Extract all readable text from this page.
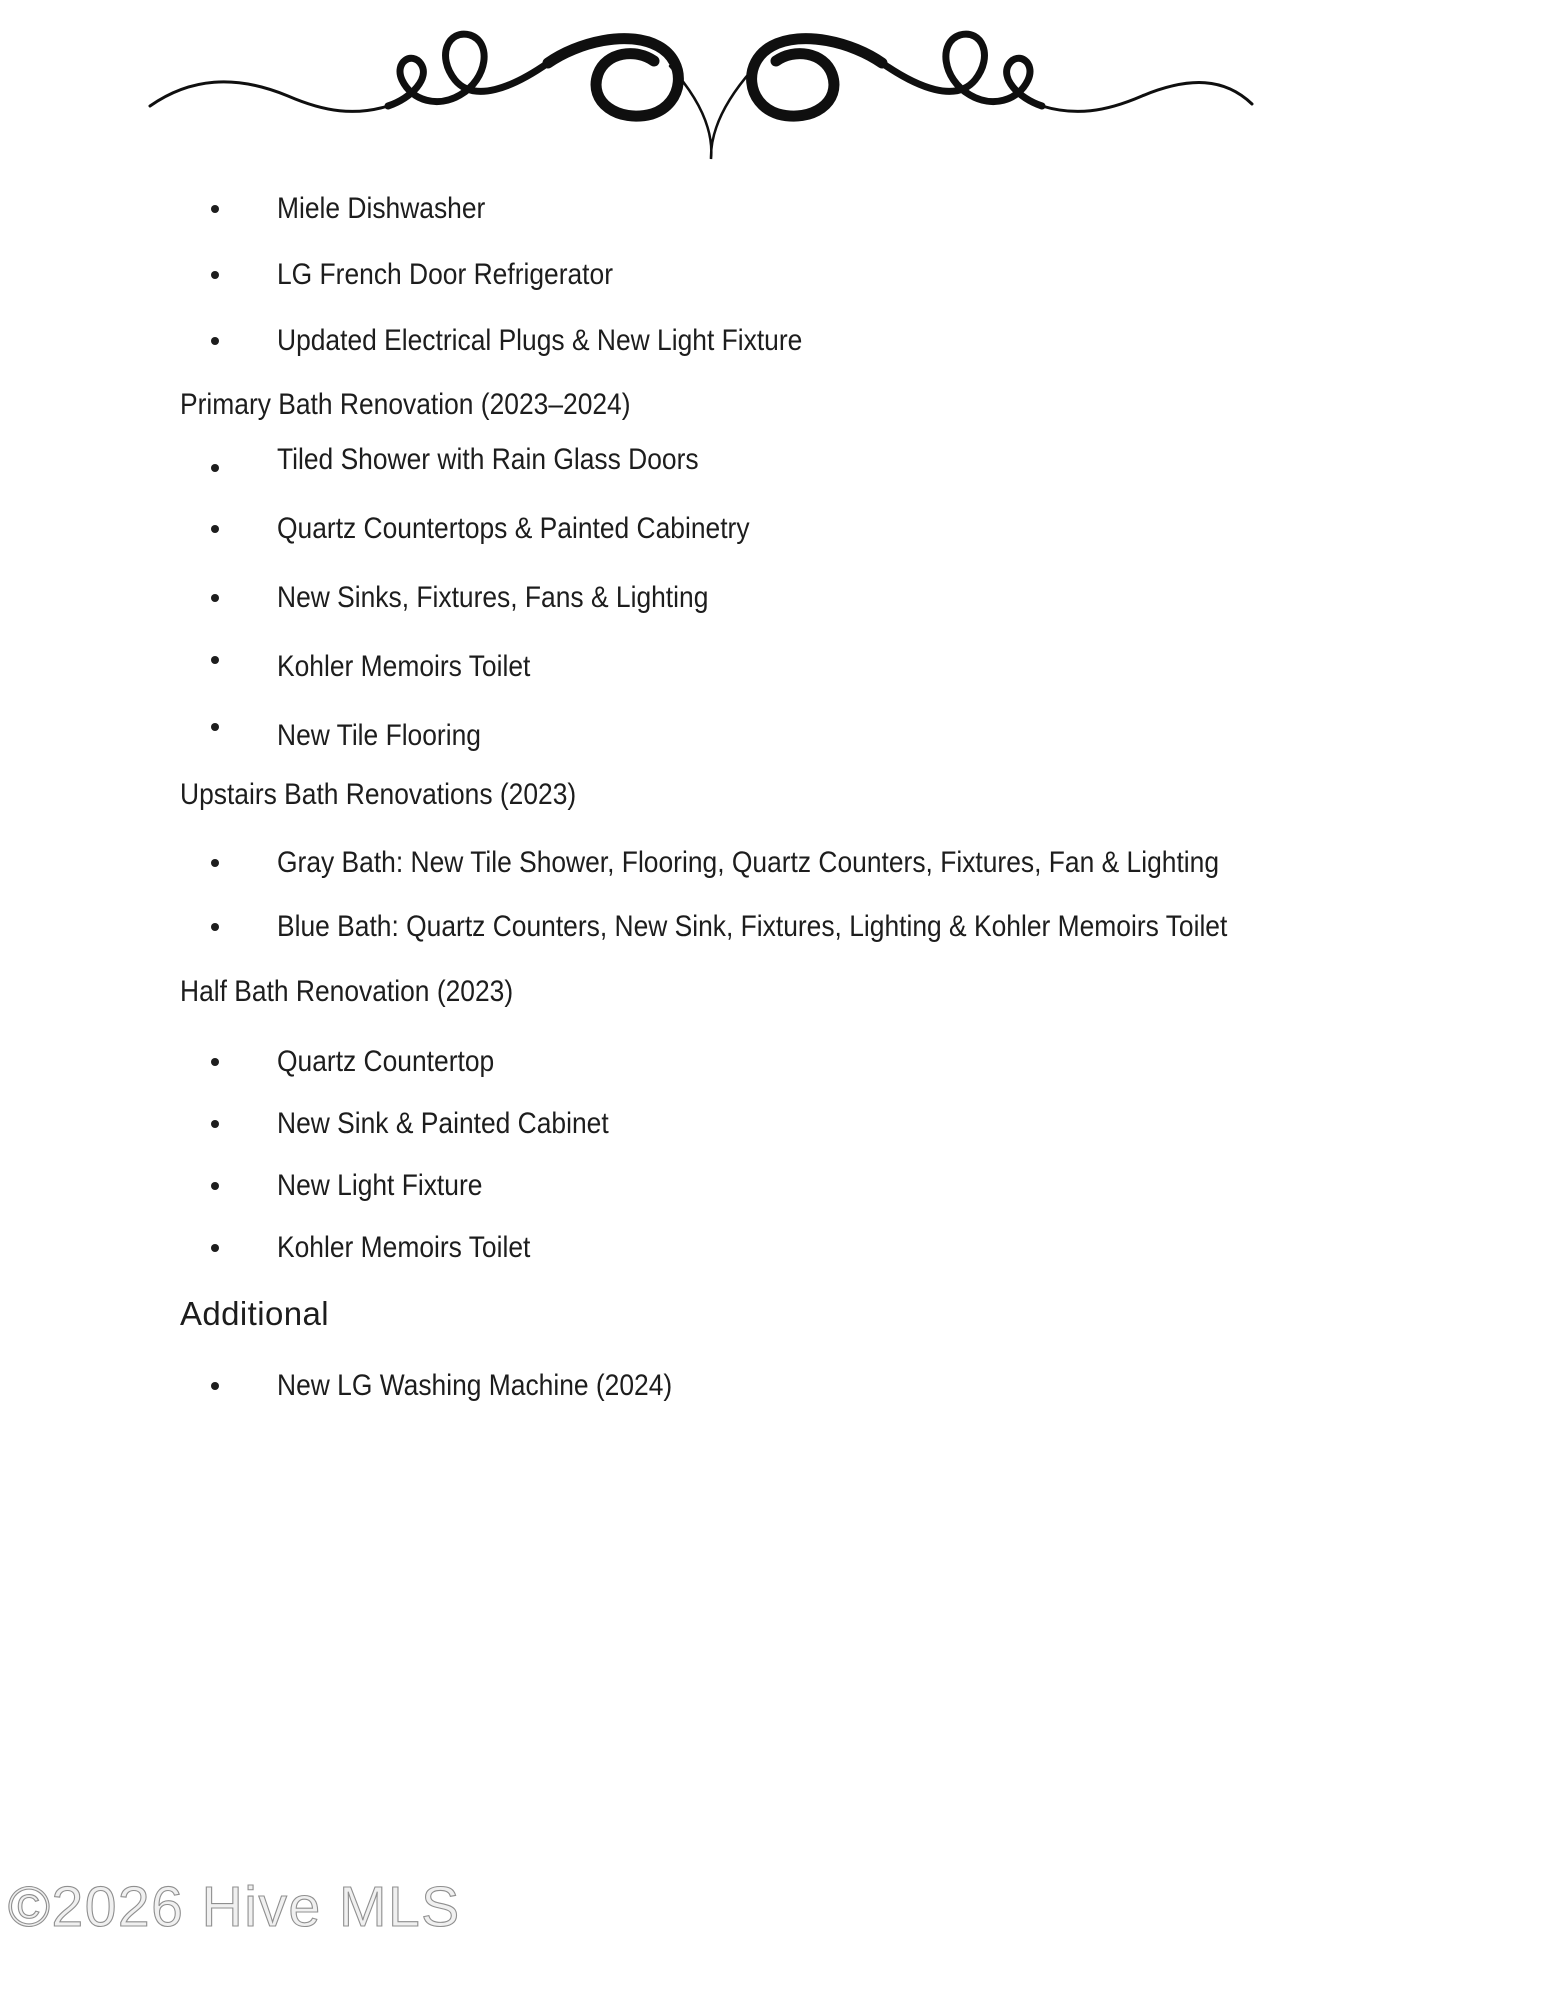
Miele Dishwasher
LG French Door Refrigerator
Updated Electrical Plugs & New Light Fixture
Primary Bath Renovation (2023–2024)
Tiled Shower with Rain Glass Doors
Quartz Countertops & Painted Cabinetry
New Sinks, Fixtures, Fans & Lighting
Kohler Memoirs Toilet
New Tile Flooring
Upstairs Bath Renovations (2023)
Gray Bath: New Tile Shower, Flooring, Quartz Counters, Fixtures, Fan & Lighting
Blue Bath: Quartz Counters, New Sink, Fixtures, Lighting & Kohler Memoirs Toilet
Half Bath Renovation (2023)
Quartz Countertop
New Sink & Painted Cabinet
New Light Fixture
Kohler Memoirs Toilet
Additional
New LG Washing Machine (2024)
©2026 Hive MLS
